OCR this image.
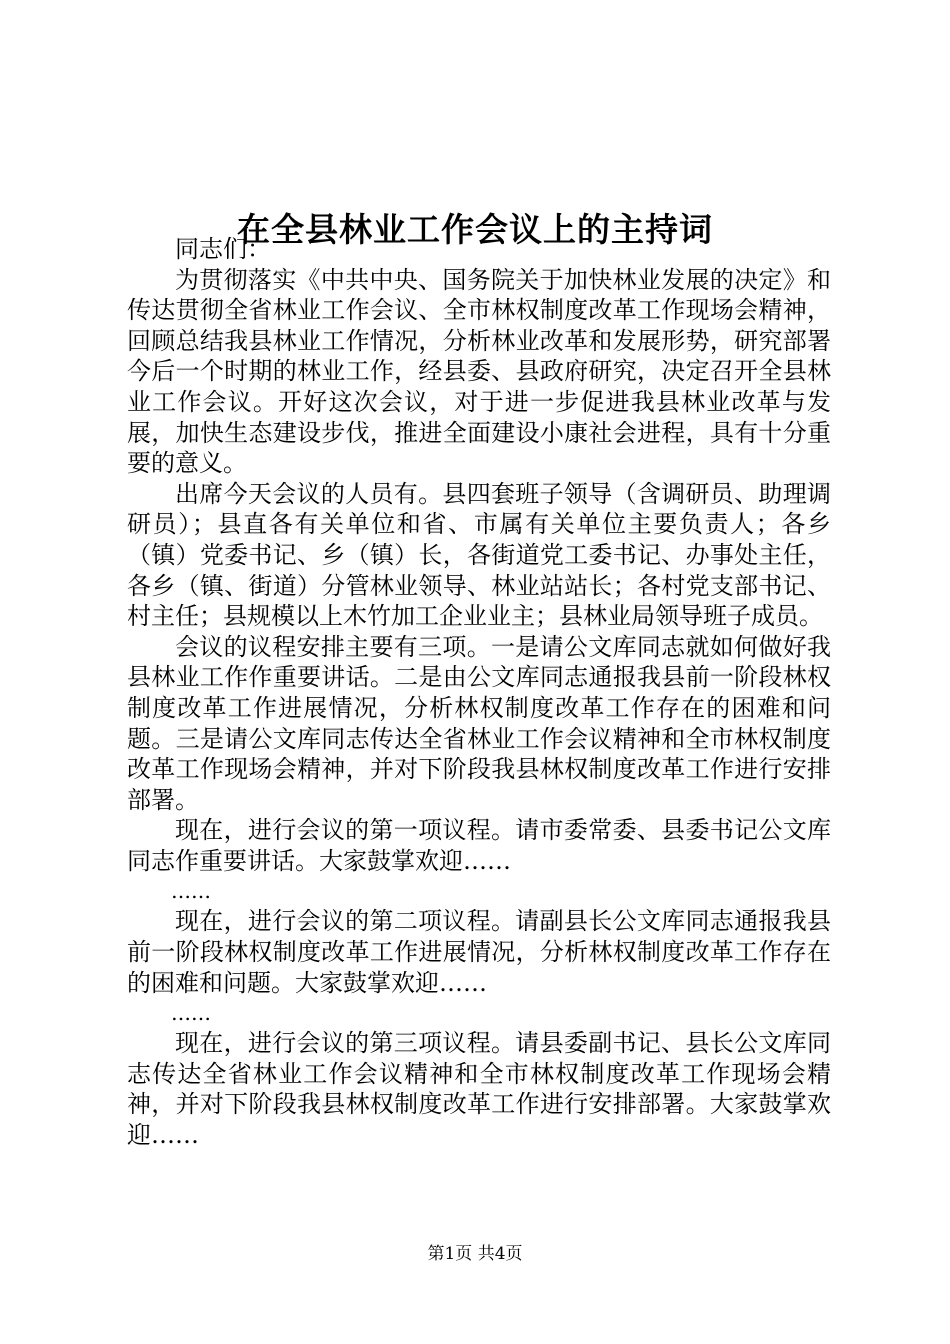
在全县林业工作会议上的主持词

同志们：

为贯彻落实《中共中央、国务院关于加快林业发展的决定》和传达贯彻全省林业工作会议、全市林权制度改革工作现场会精神，回顾总结我县林业工作情况，分析林业改革和发展形势，研究部署今后一个时期的林业工作，经县委、县政府研究，决定召开全县林业工作会议。开好这次会议，对于进一步促进我县林业改革与发展，加快生态建设步伐，推进全面建设小康社会进程，具有十分重要的意义。

出席今天会议的人员有。县四套班子领导（含调研员、助理调研员）；县直各有关单位和省、市属有关单位主要负责人；各乡（镇）党委书记、乡（镇）长，各街道党工委书记、办事处主任，各乡（镇、街道）分管林业领导、林业站站长；各村党支部书记、村主任；县规模以上木竹加工企业业主；县林业局领导班子成员。

会议的议程安排主要有三项。一是请公文库同志就如何做好我县林业工作作重要讲话。二是由公文库同志通报我县前一阶段林权制度改革工作进展情况，分析林权制度改革工作存在的困难和问题。三是请公文库同志传达全省林业工作会议精神和全市林权制度改革工作现场会精神，并对下阶段我县林权制度改革工作进行安排部署。

现在，进行会议的第一项议程。请市委常委、县委书记公文库同志作重要讲话。大家鼓掌欢迎……

……

现在，进行会议的第二项议程。请副县长公文库同志通报我县前一阶段林权制度改革工作进展情况，分析林权制度改革工作存在的困难和问题。大家鼓掌欢迎……

……

现在，进行会议的第三项议程。请县委副书记、县长公文库同志传达全省林业工作会议精神和全市林权制度改革工作现场会精神，并对下阶段我县林权制度改革工作进行安排部署。大家鼓掌欢迎……

第1页 共4页
